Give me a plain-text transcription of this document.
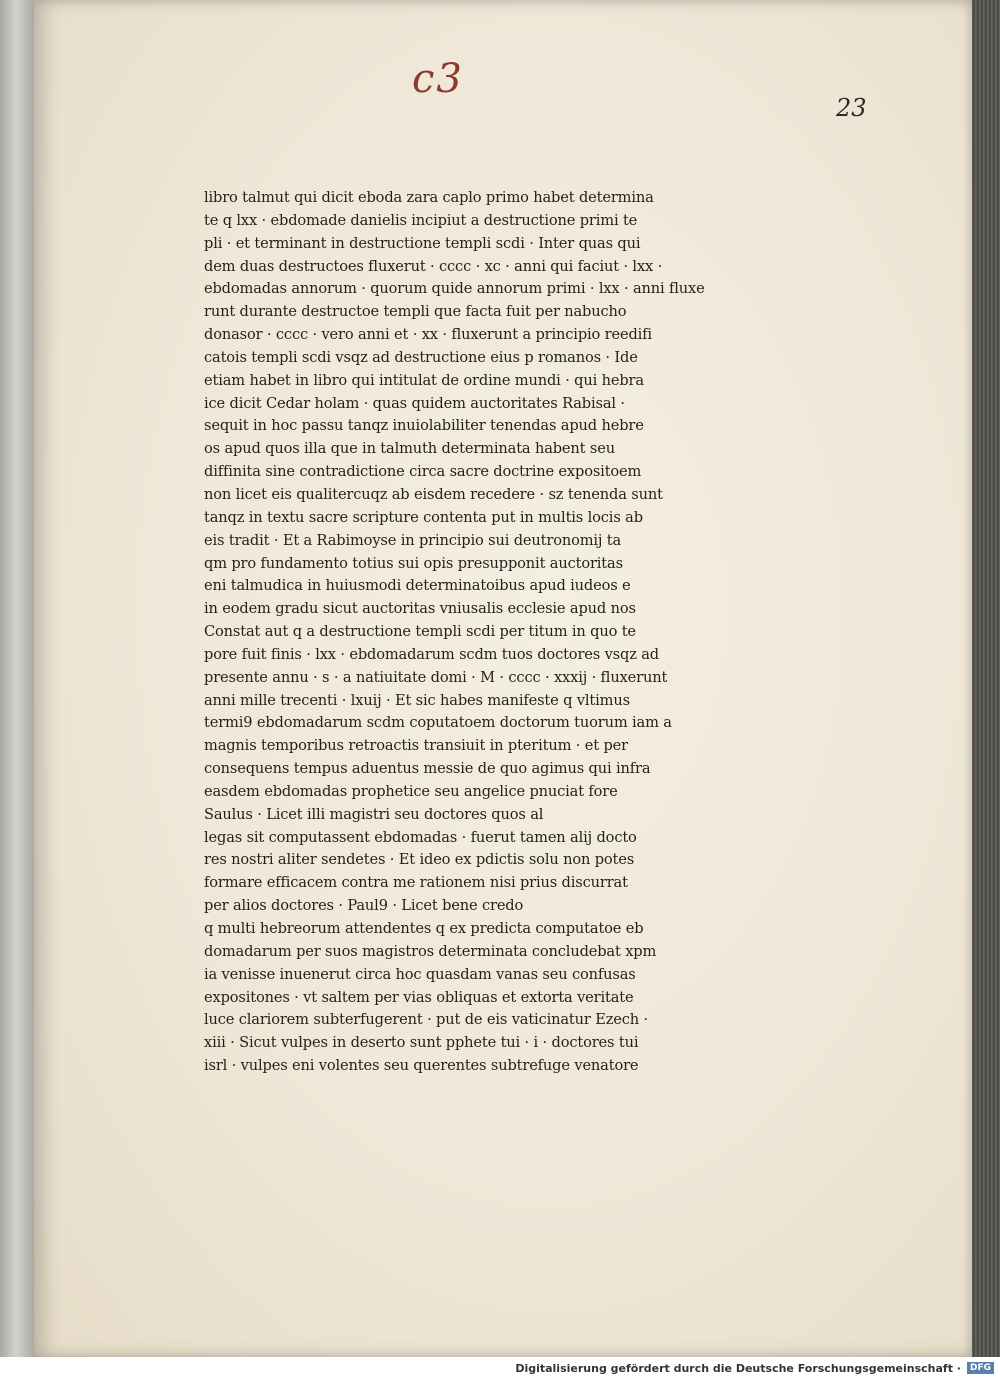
c3
23
libro talmut qui dicit eboda zara caplo primo habet determina
te q lxx · ebdomade danielis incipiut a destructione primi te
pli · et terminant in destructione templi scdi · Inter quas qui
dem duas destructoes fluxerut · cccc · xc · anni qui faciut · lxx ·
ebdomadas annorum · quorum quide annorum primi · lxx · anni fluxe
runt durante destructoe templi que facta fuit per nabucho
donasor · cccc · vero anni et · xx · fluxerunt a principio reedifi
catois templi scdi vsqz ad destructione eius p romanos · Ide
etiam habet in libro qui intitulat de ordine mundi · qui hebra
ice dicit Cedar holam · quas quidem auctoritates Rabisal ·
sequit in hoc passu tanqz inuiolabiliter tenendas apud hebre
os apud quos illa que in talmuth determinata habent seu
diffinita sine contradictione circa sacre doctrine expositoem
non licet eis qualitercuqz ab eisdem recedere · sz tenenda sunt
tanqz in textu sacre scripture contenta put in multis locis ab
eis tradit · Et a Rabimoyse in principio sui deutronomij ta
qm pro fundamento totius sui opis presupponit auctoritas
eni talmudica in huiusmodi determinatoibus apud iudeos e
in eodem gradu sicut auctoritas vniusalis ecclesie apud nos
Constat aut q a destructione templi scdi per titum in quo te
pore fuit finis · lxx · ebdomadarum scdm tuos doctores vsqz ad
presente annu · s · a natiuitate domi · M · cccc · xxxij · fluxerunt
anni mille trecenti · lxuij · Et sic habes manifeste q vltimus
termi9 ebdomadarum scdm coputatoem doctorum tuorum iam a
magnis temporibus retroactis transiuit in pteritum · et per
consequens tempus aduentus messie de quo agimus qui infra
easdem ebdomadas prophetice seu angelice pnuciat fore
Saulus · Licet illi magistri seu doctores quos al
legas sit computassent ebdomadas · fuerut tamen alij docto
res nostri aliter sendetes · Et ideo ex pdictis solu non potes
formare efficacem contra me rationem nisi prius discurrat
per alios doctores · Paul9 · Licet bene credo
q multi hebreorum attendentes q ex predicta computatoe eb
domadarum per suos magistros determinata concludebat xpm
ia venisse inuenerut circa hoc quasdam vanas seu confusas
expositones · vt saltem per vias obliquas et extorta veritate
luce clariorem subterfugerent · put de eis vaticinatur Ezech ·
xiii · Sicut vulpes in deserto sunt pphete tui · i · doctores tui
isrl · vulpes eni volentes seu querentes subtrefuge venatore
Digitalisierung gefördert durch die Deutsche Forschungsgemeinschaft ·	DFG
